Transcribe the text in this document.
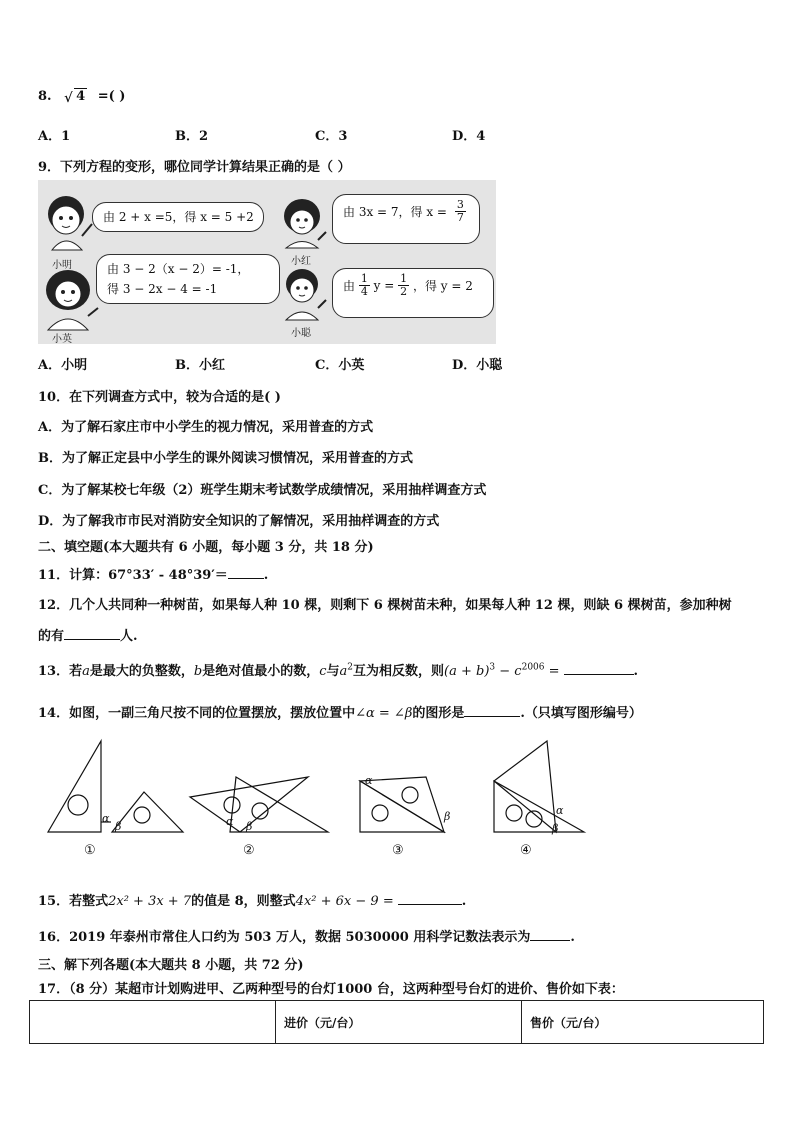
8. √ 4 =( )
A．1	B．2	C．3	D．4
9．下列方程的变形，哪位同学计算结果正确的是（ ）
小明	小红
小英
小聪
由 2 + x =5，得 x = 5 +2	由 3x = 7，得 $x = \frac{3}{7}$
由 3 − 2（x − 2）= -1，
得 3 − 2x − 4 = -1	由 $\frac{1}{4}$ $y = \frac{1}{2}$ ，得 y = 2
A．小明	B．小红	C．小英	D．小聪
10．在下列调查方式中，较为合适的是( )
A．为了解石家庄市中小学生的视力情况，采用普查的方式
B．为了解正定县中小学生的课外阅读习惯情况，采用普查的方式
C．为了解某校七年级（2）班学生期末考试数学成绩情况，采用抽样调查方式
D．为了解我市市民对消防安全知识的了解情况，采用抽样调查的方式
二、填空题(本大题共有 6 小题，每小题 3 分，共 18 分)
11．计算：67°33′ - 48°39′＝	.
12．几个人共同种一种树苗，如果每人种 10 棵，则剩下 6 棵树苗未种，如果每人种 12 棵，则缺 6 棵树苗，参加种树
的有	人.
13．若a是最大的负整数，b是绝对值最小的数，c与$a^2$互为相反数，则$(a + b)^3 - c^{2006}$ =	.
14．如图，一副三角尺按不同的位置摆放，摆放位置中∠α = ∠β的图形是	.（只填写图形编号）
α
β	α β
α
β	α
β
①	②	③	④
15．若整式2x² + 3x + 7的值是 8，则整式4x² + 6x − 9 =	.
16．2019 年泰州市常住人口约为 503 万人，数据 5030000 用科学记数法表示为	.
三、解下列各题(本大题共 8 小题，共 72 分)
17．（8 分）某超市计划购进甲、乙两种型号的台灯1000 台，这两种型号台灯的进价、售价如下表：
	进价（元/台）	售价（元/台）
